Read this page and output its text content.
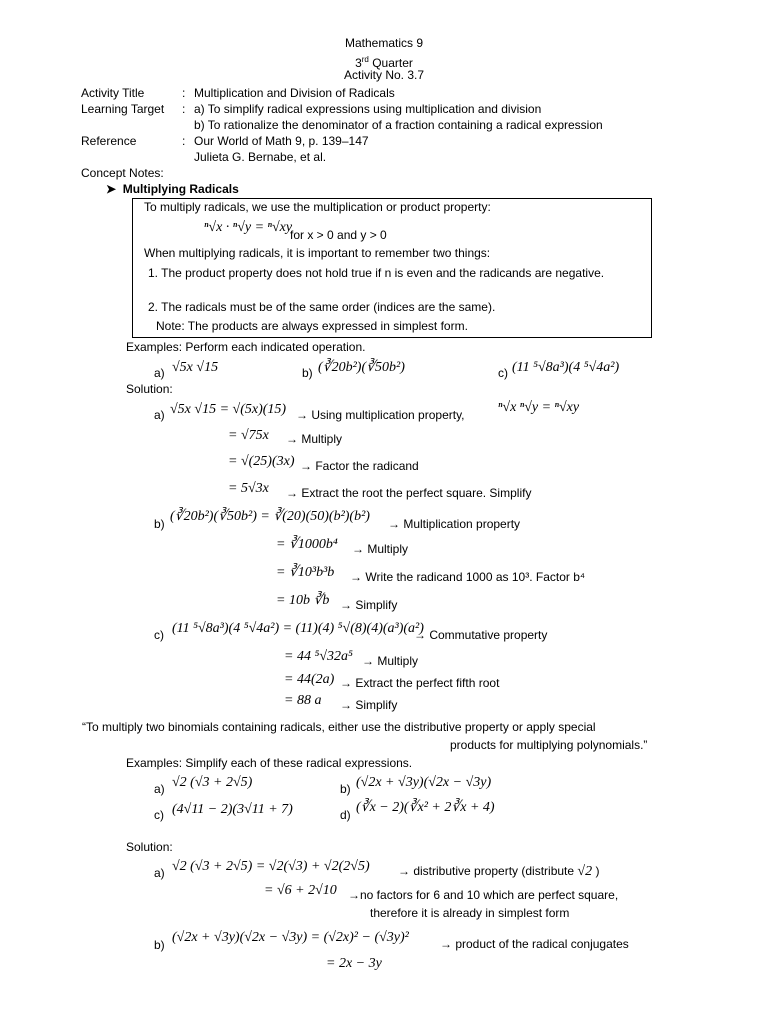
Mathematics 9
3rd Quarter
Activity No. 3.7
Activity Title	: Multiplication and Division of Radicals
Learning Target : a) To simplify radical expressions using multiplication and division
b) To rationalize the denominator of a fraction containing a radical expression
Reference	: Our World of Math 9, p. 139–147
Julieta G. Bernabe, et al.
Concept Notes:
➤  Multiplying Radicals
To multiply radicals, we use the multiplication or product property:
ⁿ√x · ⁿ√y = ⁿ√xy
for x > 0 and y > 0
When multiplying radicals, it is important to remember two things:
1. The product property does not hold true if n is even and the radicands are negative.
2. The radicals must be of the same order (indices are the same).
Note: The products are always expressed in simplest form.
Examples: Perform each indicated operation.
a) √5x √15	b) (∛20b²)(∛50b²)	c) (11 ⁵√8a³)(4 ⁵√4a²)
Solution:
a) √5x √15 = √(5x)(15) → Using multiplication property, ⁿ√x ⁿ√y = ⁿ√xy
= √75x → Multiply
= √(25)(3x) → Factor the radicand
= 5√3x → Extract the root the perfect square. Simplify
b) (∛20b²)(∛50b²) = ∛(20)(50)(b²)(b²) → Multiplication property
= ∛1000b⁴ → Multiply
= ∛10³b³b → Write the radicand 1000 as 10³. Factor b⁴
= 10b ∛b → Simplify
c) (11 ⁵√8a³)(4 ⁵√4a²) = (11)(4) ⁵√(8)(4)(a³)(a²)
→ Commutative property
= 44 ⁵√32a⁵ → Multiply
= 44(2a) → Extract the perfect fifth root
= 88 a → Simplify
“To multiply two binomials containing radicals, either use the distributive property or apply special
products for multiplying polynomials.”
Examples: Simplify each of these radical expressions.
a) √2 (√3 + 2√5)	b) (√2x + √3y)(√2x − √3y)
c) (4√11 − 2)(3√11 + 7)	d) (∛x − 2)(∛x² + 2∛x + 4)
Solution:
a) √2 (√3 + 2√5) = √2(√3) + √2(2√5) → distributive property (distribute √2 )
= √6 + 2√10 →no factors for 6 and 10 which are perfect square,
therefore it is already in simplest form
b) (√2x + √3y)(√2x − √3y) = (√2x)² − (√3y)²	→ product of the radical conjugates
= 2x − 3y
